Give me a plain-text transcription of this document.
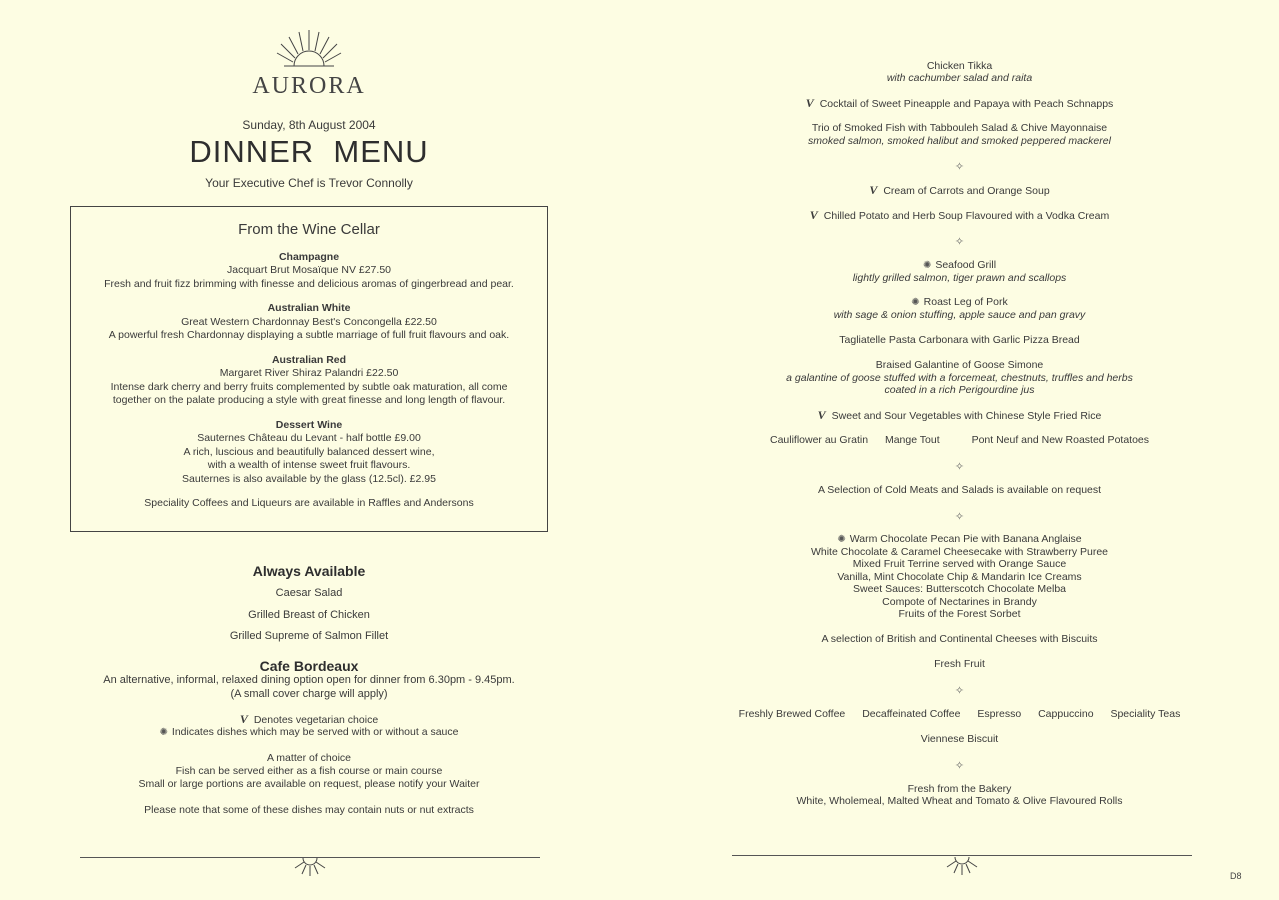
AURORA
Sunday, 8th August 2004
DINNER  MENU
Your Executive Chef is Trevor Connolly
From the Wine Cellar
Champagne
Jacquart Brut Mosaïque NV £27.50
Fresh and fruit fizz brimming with finesse and delicious aromas of gingerbread and pear.
Australian White
Great Western Chardonnay Best's Concongella £22.50
A powerful fresh Chardonnay displaying a subtle marriage of full fruit flavours and oak.
Australian Red
Margaret River Shiraz Palandri £22.50
Intense dark cherry and berry fruits complemented by subtle oak maturation, all come
together on the palate producing a style with great finesse and long length of flavour.
Dessert Wine
Sauternes Château du Levant - half bottle £9.00
A rich, luscious and beautifully balanced dessert wine,
with a wealth of intense sweet fruit flavours.
Sauternes is also available by the glass (12.5cl). £2.95
Speciality Coffees and Liqueurs are available in Raffles and Andersons
Always Available
Caesar Salad
Grilled Breast of Chicken
Grilled Supreme of Salmon Fillet
Cafe Bordeaux
An alternative, informal, relaxed dining option open for dinner from 6.30pm - 9.45pm.
(A small cover charge will apply)
V Denotes vegetarian choice
✺ Indicates dishes which may be served with or without a sauce
A matter of choice
Fish can be served either as a fish course or main course
Small or large portions are available on request, please notify your Waiter
Please note that some of these dishes may contain nuts or nut extracts
Chicken Tikka
with cachumber salad and raita
V Cocktail of Sweet Pineapple and Papaya with Peach Schnapps
Trio of Smoked Fish with Tabbouleh Salad & Chive Mayonnaise
smoked salmon, smoked halibut and smoked peppered mackerel
✧
V Cream of Carrots and Orange Soup
V Chilled Potato and Herb Soup Flavoured with a Vodka Cream
✧
✺ Seafood Grill
lightly grilled salmon, tiger prawn and scallops
✺ Roast Leg of Pork
with sage & onion stuffing, apple sauce and pan gravy
Tagliatelle Pasta Carbonara with Garlic Pizza Bread
Braised Galantine of Goose Simone
a galantine of goose stuffed with a forcemeat, chestnuts, truffles and herbs
coated in a rich Perigourdine jus
V Sweet and Sour Vegetables with Chinese Style Fried Rice
Cauliflower au Gratin Mange Tout	Pont Neuf and New Roasted Potatoes
✧
A Selection of Cold Meats and Salads is available on request
✧
✺ Warm Chocolate Pecan Pie with Banana Anglaise
White Chocolate & Caramel Cheesecake with Strawberry Puree
Mixed Fruit Terrine served with Orange Sauce
Vanilla, Mint Chocolate Chip & Mandarin Ice Creams
Sweet Sauces: Butterscotch Chocolate Melba
Compote of Nectarines in Brandy
Fruits of the Forest Sorbet
A selection of British and Continental Cheeses with Biscuits
Fresh Fruit
✧
Freshly Brewed Coffee Decaffeinated Coffee Espresso Cappuccino Speciality Teas
Viennese Biscuit
✧
Fresh from the Bakery
White, Wholemeal, Malted Wheat and Tomato & Olive Flavoured Rolls
D8
